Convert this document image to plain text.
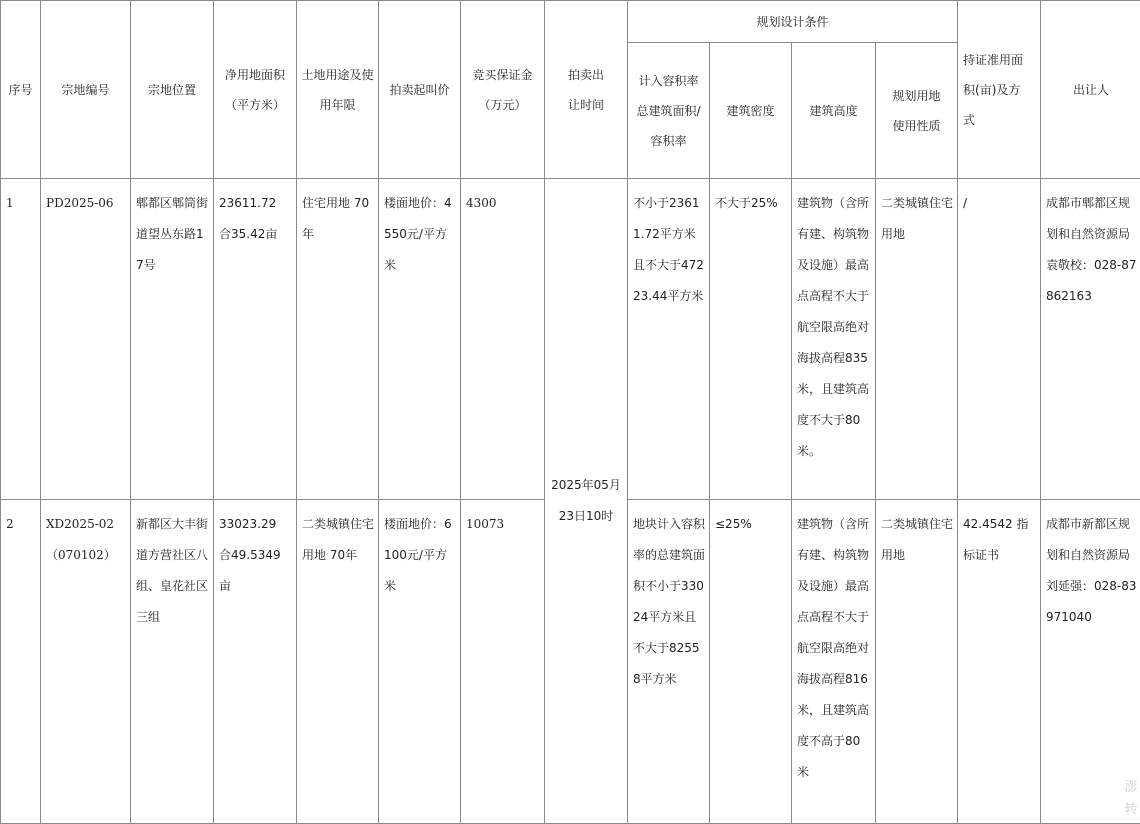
序号	宗地编号	宗地位置	净用地面积（平方米）	土地用途及使用年限	拍卖起叫价	竞买保证金（万元）	拍卖出让时间	规划设计条件				持证准用面积(亩)及方式	出让人

								计入容积率总建筑面积/容积率	建筑密度	建筑高度	规划用地使用性质		

1	PD2025-06	郫都区郫筒街道望丛东路17号	23611.72 合35.42亩	住宅用地 70年	楼面地价：4550元/平方米	4300	2025年05月23日10时	不小于23611.72平方米且不大于47223.44平方米	不大于25%	建筑物（含所有建、构筑物及设施）最高点高程不大于航空限高绝对海拔高程835米，且建筑高度不大于80米。	二类城镇住宅用地	/	成都市郫都区规划和自然资源局 袁敬校：028-87862163
2	XD2025-02（070102）	新都区大丰街道方营社区八组、皇花社区三组	33023.29 合49.5349亩	二类城镇住宅用地 70年	楼面地价：6100元/平方米	10073		地块计入容积率的总建筑面积不小于33024平方米且不大于82558平方米	≤25%	建筑物（含所有建、构筑物及设施）最高点高程不大于航空限高绝对海拔高程816米，且建筑高度不高于80米	二类城镇住宅用地	42.4542 指标证书	成都市新都区规划和自然资源局 刘延强：028-83971040
澎转
